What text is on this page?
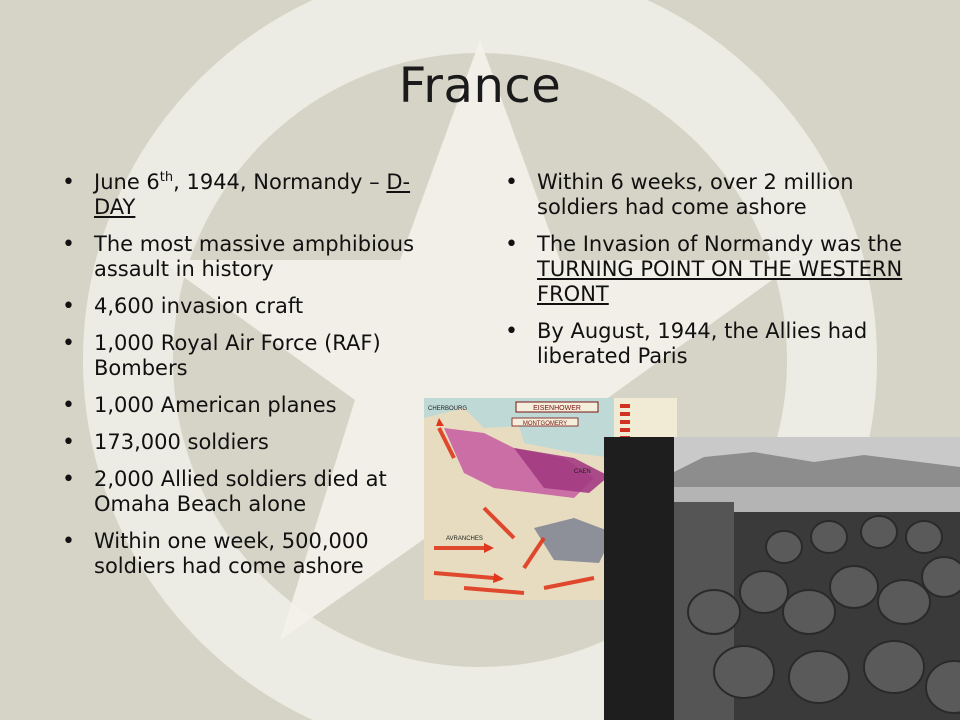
France
• June 6th, 1944, Normandy – D-DAY
• The most massive amphibious assault in history
• 4,600 invasion craft
• 1,000 Royal Air Force (RAF) Bombers
• 1,000 American planes
• 173,000 soldiers
• 2,000 Allied soldiers died at Omaha Beach alone
• Within one week, 500,000 soldiers had come ashore
• Within 6 weeks, over 2 million soldiers had come ashore
• The Invasion of Normandy was the TURNING POINT ON THE WESTERN FRONT
• By August, 1944, the Allies had liberated Paris
EISENHOWER
MONTGOMERY
CHERBOURG
CAEN
AVRANCHES
